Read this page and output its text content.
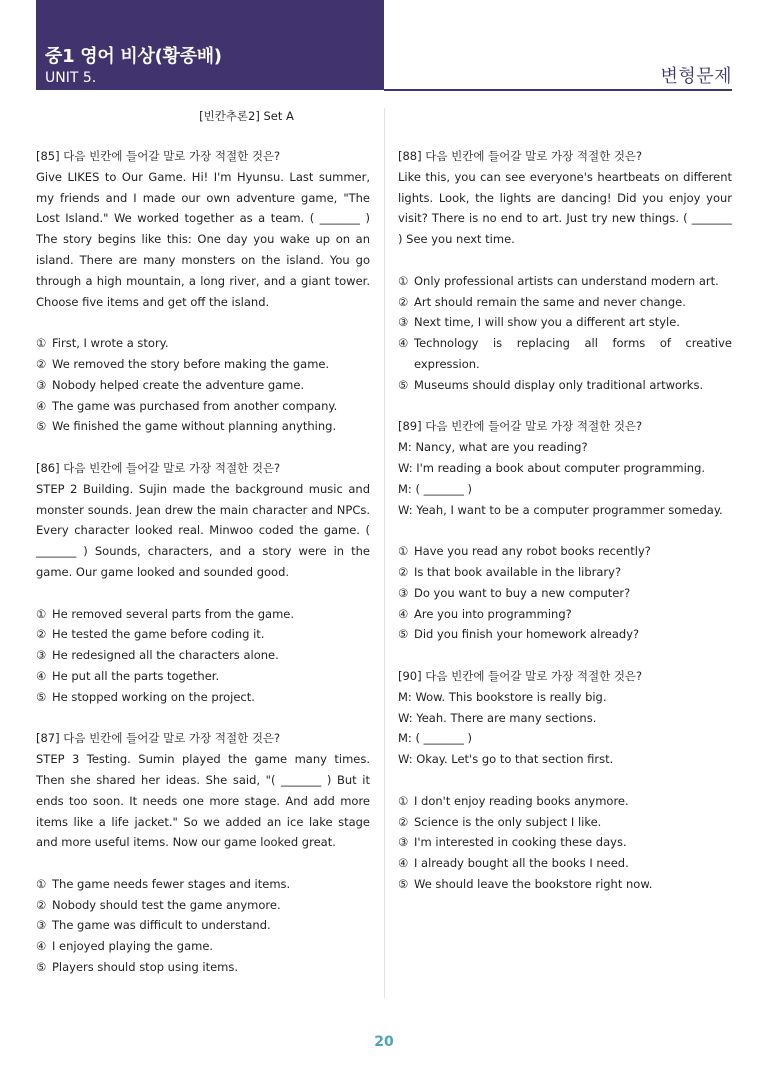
중1 영어 비상(황종배)
UNIT 5.	변형문제
[빈칸추론2] Set A
[85] 다음 빈칸에 들어갈 말로 가장 적절한 것은?

Give LIKES to Our Game. Hi! I'm Hyunsu. Last summer, my friends and I made our own adventure game, "The Lost Island." We worked together as a team. ( _______ ) The story begins like this: One day you wake up on an island. There are many monsters on the island. You go through a high mountain, a long river, and a giant tower. Choose five items and get off the island.

① First, I wrote a story.
② We removed the story before making the game.
③ Nobody helped create the adventure game.
④ The game was purchased from another company.
⑤ We finished the game without planning anything.
[86] 다음 빈칸에 들어갈 말로 가장 적절한 것은?

STEP 2 Building. Sujin made the background music and monster sounds. Jean drew the main character and NPCs. Every character looked real. Minwoo coded the game. ( _______ ) Sounds, characters, and a story were in the game. Our game looked and sounded good.

① He removed several parts from the game.
② He tested the game before coding it.
③ He redesigned all the characters alone.
④ He put all the parts together.
⑤ He stopped working on the project.
[87] 다음 빈칸에 들어갈 말로 가장 적절한 것은?

STEP 3 Testing. Sumin played the game many times. Then she shared her ideas. She said, "( _______ ) But it ends too soon. It needs one more stage. And add more items like a life jacket." So we added an ice lake stage and more useful items. Now our game looked great.

① The game needs fewer stages and items.
② Nobody should test the game anymore.
③ The game was difficult to understand.
④ I enjoyed playing the game.
⑤ Players should stop using items.
[88] 다음 빈칸에 들어갈 말로 가장 적절한 것은?

Like this, you can see everyone's heartbeats on different lights. Look, the lights are dancing! Did you enjoy your visit? There is no end to art. Just try new things. ( _______ ) See you next time.

① Only professional artists can understand modern art.
② Art should remain the same and never change.
③ Next time, I will show you a different art style.
④ Technology is replacing all forms of creative expression.
⑤ Museums should display only traditional artworks.
[89] 다음 빈칸에 들어갈 말로 가장 적절한 것은?

M: Nancy, what are you reading?

W: I'm reading a book about computer programming.

M: ( _______ )

W: Yeah, I want to be a computer programmer someday.

① Have you read any robot books recently?
② Is that book available in the library?
③ Do you want to buy a new computer?
④ Are you into programming?
⑤ Did you finish your homework already?
[90] 다음 빈칸에 들어갈 말로 가장 적절한 것은?

M: Wow. This bookstore is really big.

W: Yeah. There are many sections.

M: ( _______ )

W: Okay. Let's go to that section first.

① I don't enjoy reading books anymore.
② Science is the only subject I like.
③ I'm interested in cooking these days.
④ I already bought all the books I need.
⑤ We should leave the bookstore right now.
20
